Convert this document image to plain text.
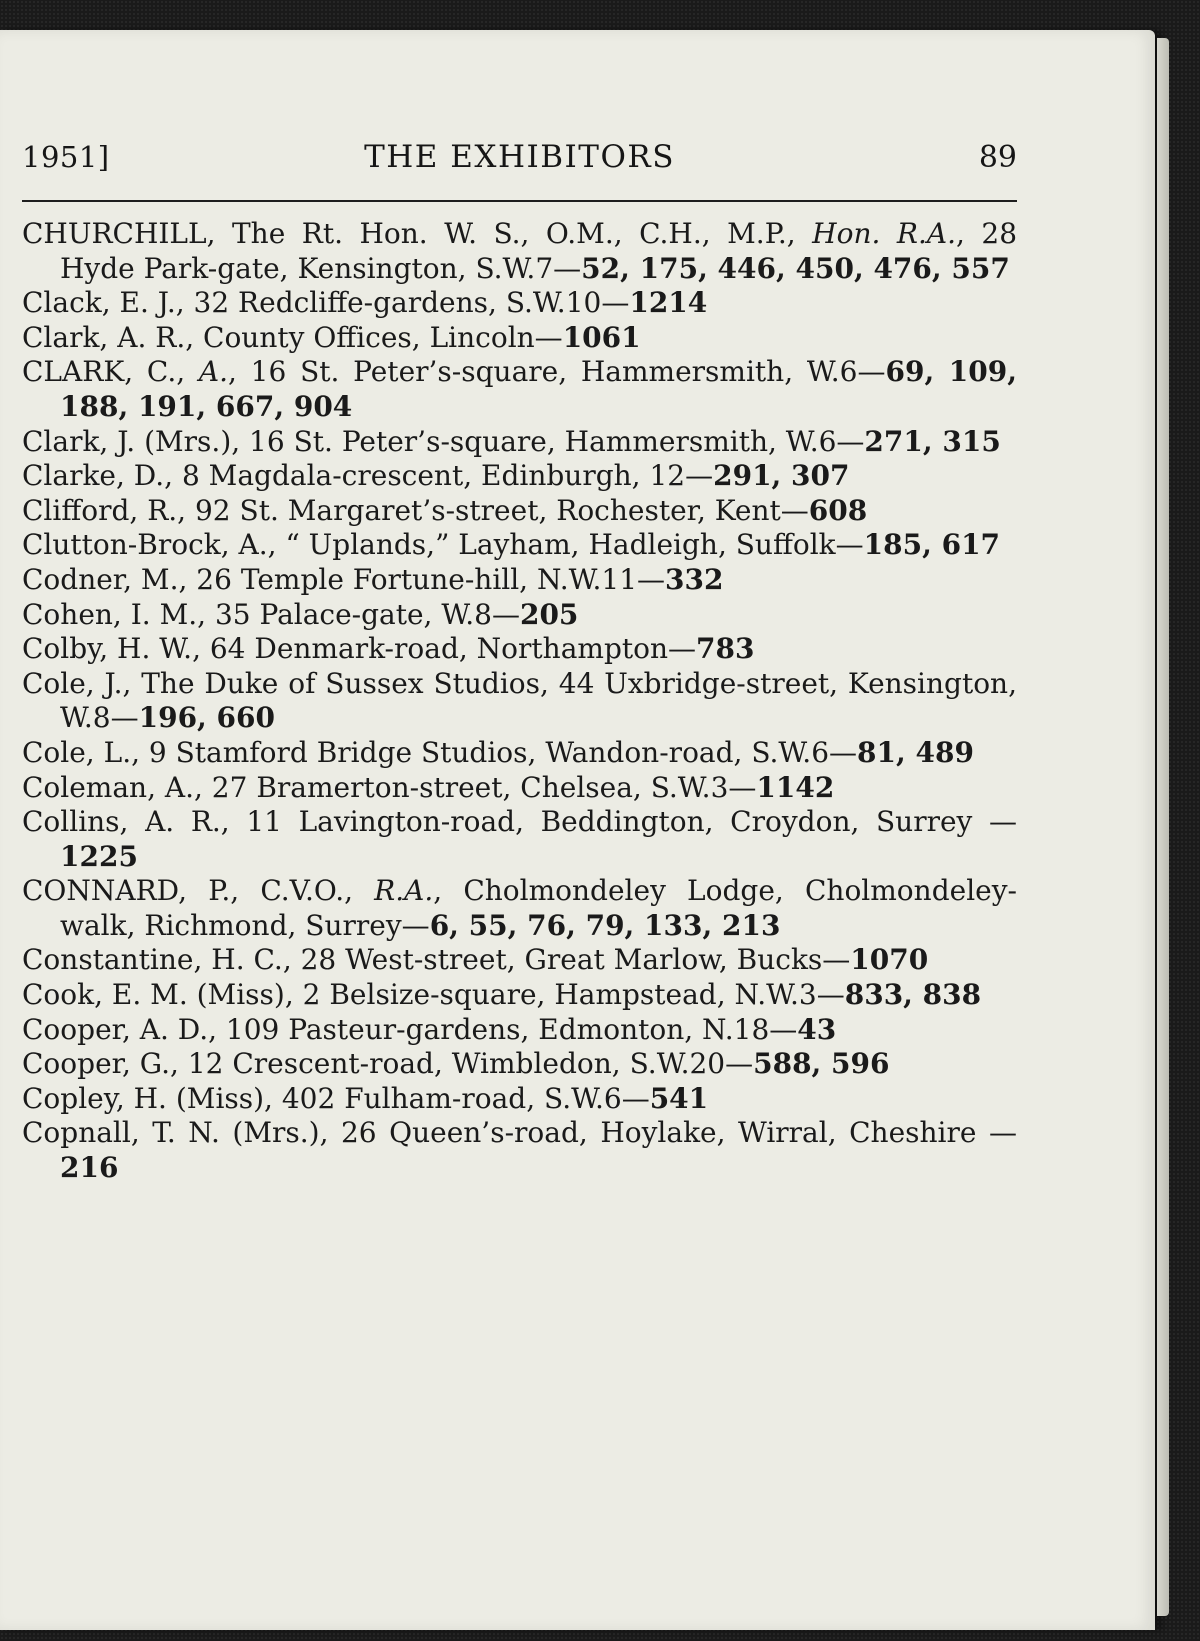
1951]	THE EXHIBITORS	89

CHURCHILL, The Rt. Hon. W. S., O.M., C.H., M.P., Hon. R.A., 28 Hyde Park-gate, Kensington, S.W.7—52, 175, 446, 450, 476, 557

Clack, E. J., 32 Redcliffe-gardens, S.W.10—1214

Clark, A. R., County Offices, Lincoln—1061

CLARK, C., A., 16 St. Peter’s-square, Hammersmith, W.6—69, 109, 188, 191, 667, 904

Clark, J. (Mrs.), 16 St. Peter’s-square, Hammersmith, W.6—271, 315

Clarke, D., 8 Magdala-crescent, Edinburgh, 12—291, 307

Clifford, R., 92 St. Margaret’s-street, Rochester, Kent—608

Clutton-Brock, A., “ Uplands,” Layham, Hadleigh, Suffolk—185, 617

Codner, M., 26 Temple Fortune-hill, N.W.11—332

Cohen, I. M., 35 Palace-gate, W.8—205

Colby, H. W., 64 Denmark-road, Northampton—783

Cole, J., The Duke of Sussex Studios, 44 Uxbridge-street, Kensington, W.8—196, 660

Cole, L., 9 Stamford Bridge Studios, Wandon-road, S.W.6—81, 489

Coleman, A., 27 Bramerton-street, Chelsea, S.W.3—1142

Collins, A. R., 11 Lavington-road, Beddington, Croydon, Surrey —1225

CONNARD, P., C.V.O., R.A., Cholmondeley Lodge, Cholmondeley-walk, Richmond, Surrey—6, 55, 76, 79, 133, 213

Constantine, H. C., 28 West-street, Great Marlow, Bucks—1070

Cook, E. M. (Miss), 2 Belsize-square, Hampstead, N.W.3—833, 838

Cooper, A. D., 109 Pasteur-gardens, Edmonton, N.18—43

Cooper, G., 12 Crescent-road, Wimbledon, S.W.20—588, 596

Copley, H. (Miss), 402 Fulham-road, S.W.6—541

Copnall, T. N. (Mrs.), 26 Queen’s-road, Hoylake, Wirral, Cheshire —216
